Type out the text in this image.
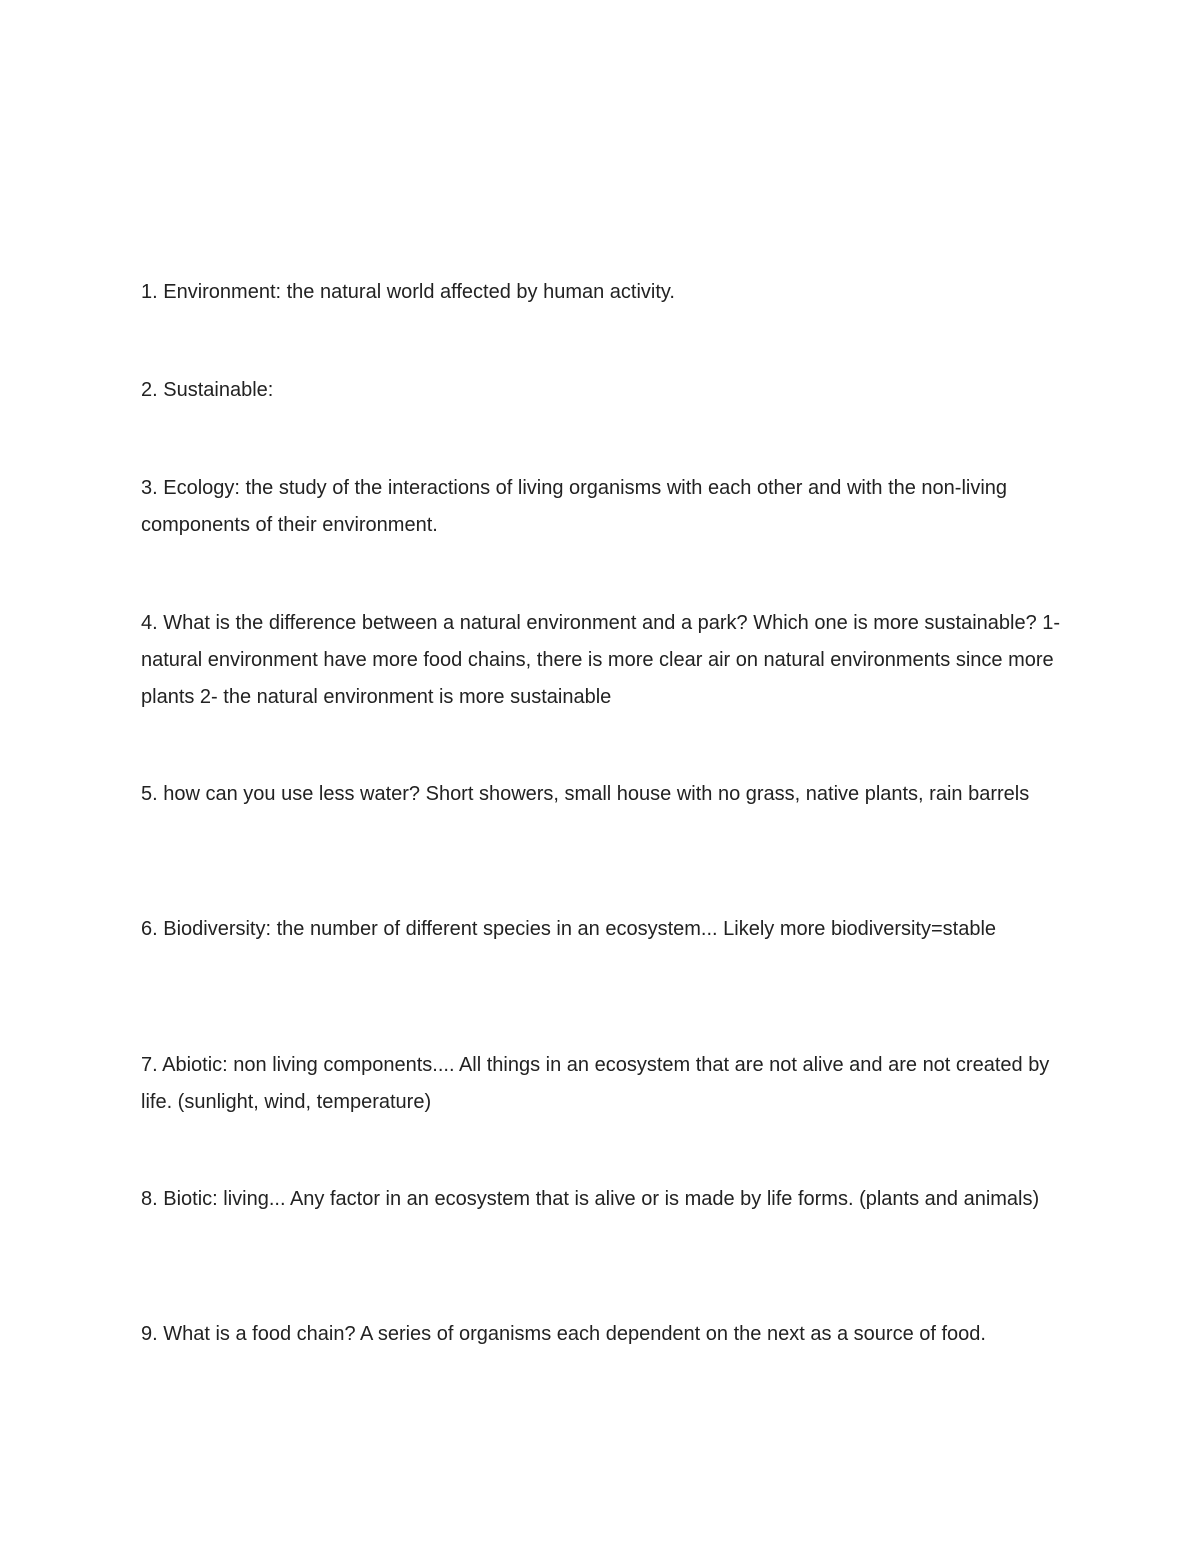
1. Environment: the natural world affected by human activity.

2. Sustainable:

3. Ecology: the study of the interactions of living organisms with each other and with the non-living components of their environment.

4. What is the difference between a natural environment and a park? Which one is more sustainable? 1- natural environment have more food chains, there is more clear air on natural environments since more plants 2- the natural environment is more sustainable

5. how can you use less water? Short showers, small house with no grass, native plants, rain barrels

6. Biodiversity: the number of different species in an ecosystem... Likely more biodiversity=stable

7. Abiotic: non living components.... All things in an ecosystem that are not alive and are not created by life. (sunlight, wind, temperature)

8. Biotic: living... Any factor in an ecosystem that is alive or is made by life forms. (plants and animals)

9. What is a food chain? A series of organisms each dependent on the next as a source of food.
